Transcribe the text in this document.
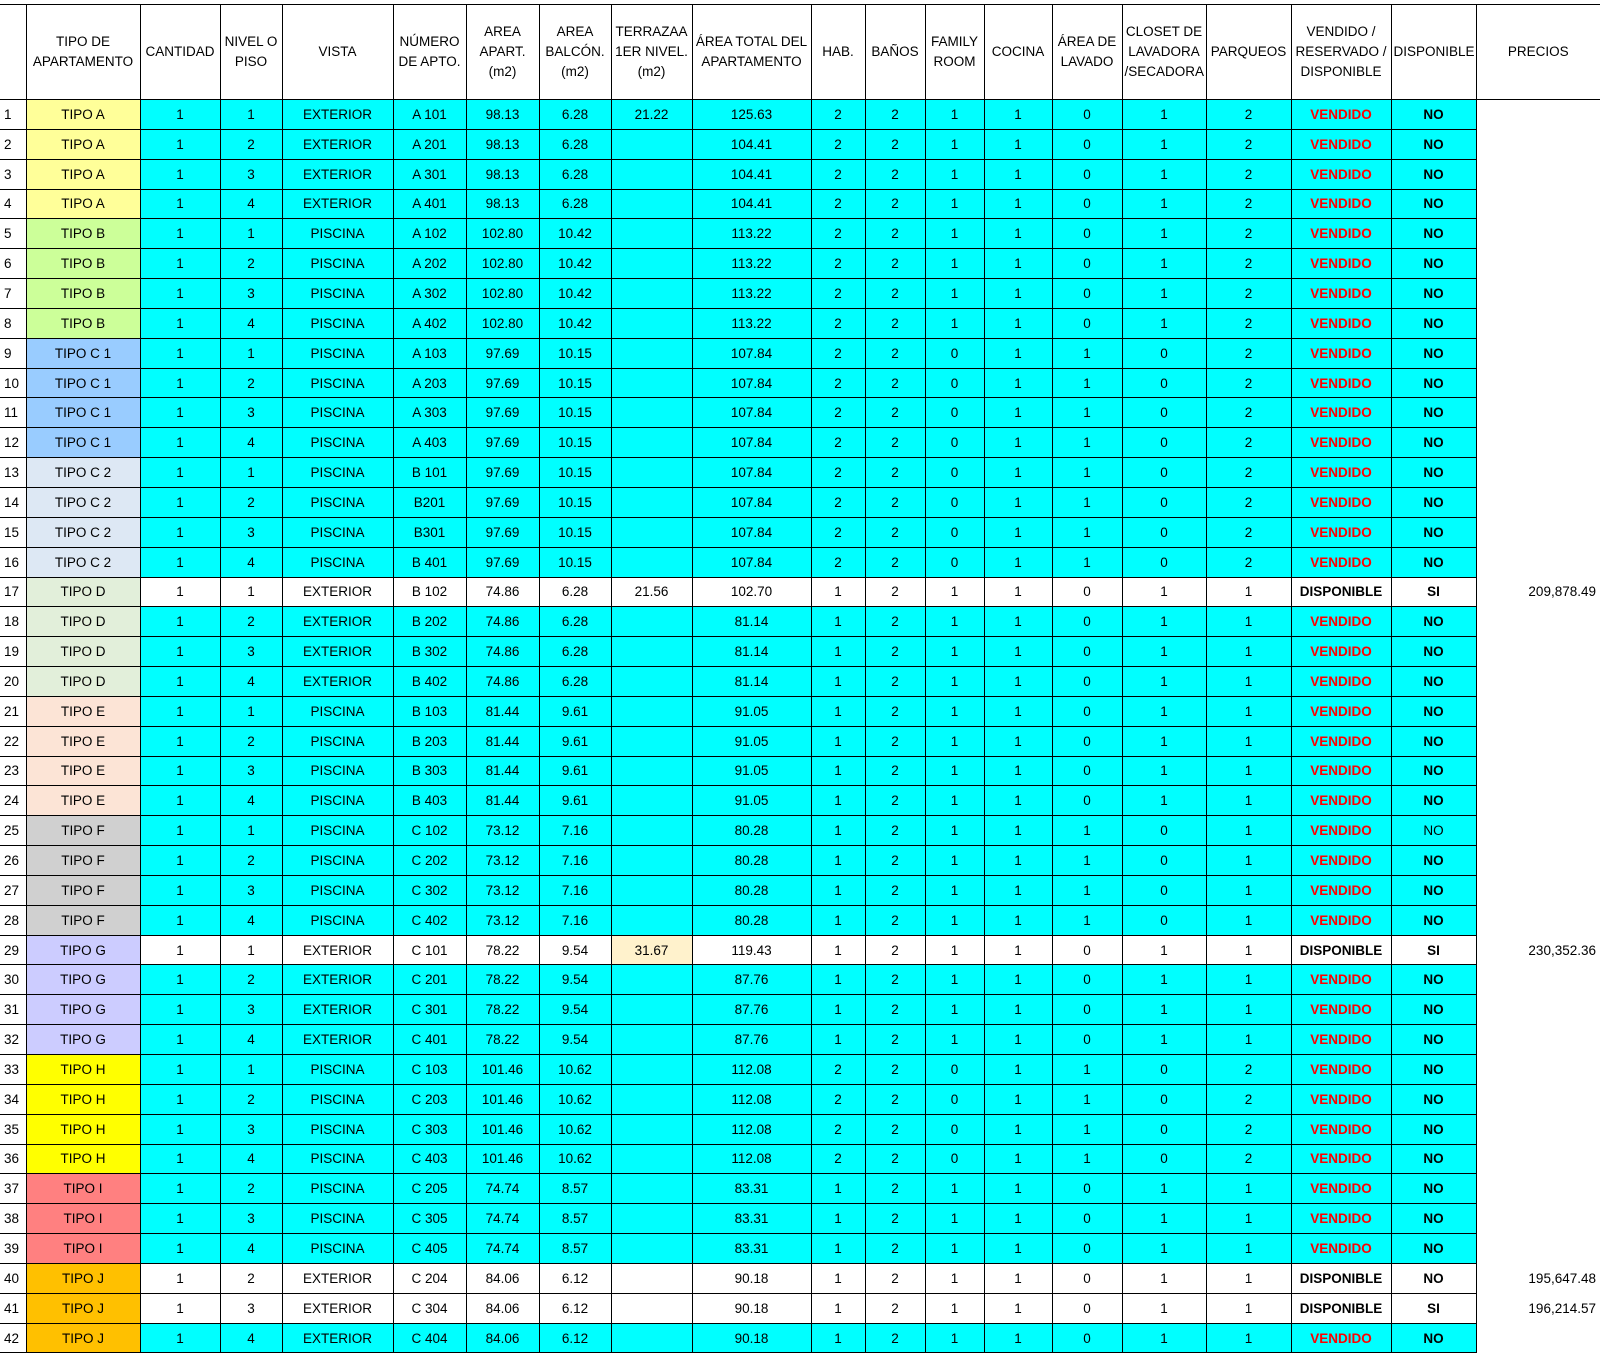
	TIPO DE APARTAMENTO	CANTIDAD	NIVEL O PISO	VISTA	NÚMERO DE APTO.	AREA APART. (m2)	AREA BALCÓN. (m2)	TERRAZAA 1ER NIVEL. (m2)	ÁREA TOTAL DEL APARTAMENTO	HAB.	BAÑOS	FAMILY ROOM	COCINA	ÁREA DE LAVADO	CLOSET DE LAVADORA /SECADORA	PARQUEOS	VENDIDO / RESERVADO / DISPONIBLE	DISPONIBLE	PRECIOS
1	TIPO A	1	1	EXTERIOR	A 101	98.13	6.28	21.22	125.63	2	2	1	1	0	1	2	VENDIDO	NO	
2	TIPO A	1	2	EXTERIOR	A 201	98.13	6.28		104.41	2	2	1	1	0	1	2	VENDIDO	NO	
3	TIPO A	1	3	EXTERIOR	A 301	98.13	6.28		104.41	2	2	1	1	0	1	2	VENDIDO	NO	
4	TIPO A	1	4	EXTERIOR	A 401	98.13	6.28		104.41	2	2	1	1	0	1	2	VENDIDO	NO	
5	TIPO B	1	1	PISCINA	A 102	102.80	10.42		113.22	2	2	1	1	0	1	2	VENDIDO	NO	
6	TIPO B	1	2	PISCINA	A 202	102.80	10.42		113.22	2	2	1	1	0	1	2	VENDIDO	NO	
7	TIPO B	1	3	PISCINA	A 302	102.80	10.42		113.22	2	2	1	1	0	1	2	VENDIDO	NO	
8	TIPO B	1	4	PISCINA	A 402	102.80	10.42		113.22	2	2	1	1	0	1	2	VENDIDO	NO	
9	TIPO C 1	1	1	PISCINA	A 103	97.69	10.15		107.84	2	2	0	1	1	0	2	VENDIDO	NO	
10	TIPO C 1	1	2	PISCINA	A 203	97.69	10.15		107.84	2	2	0	1	1	0	2	VENDIDO	NO	
11	TIPO C 1	1	3	PISCINA	A 303	97.69	10.15		107.84	2	2	0	1	1	0	2	VENDIDO	NO	
12	TIPO C 1	1	4	PISCINA	A 403	97.69	10.15		107.84	2	2	0	1	1	0	2	VENDIDO	NO	
13	TIPO C 2	1	1	PISCINA	B 101	97.69	10.15		107.84	2	2	0	1	1	0	2	VENDIDO	NO	
14	TIPO C 2	1	2	PISCINA	B201	97.69	10.15		107.84	2	2	0	1	1	0	2	VENDIDO	NO	
15	TIPO C 2	1	3	PISCINA	B301	97.69	10.15		107.84	2	2	0	1	1	0	2	VENDIDO	NO	
16	TIPO C 2	1	4	PISCINA	B 401	97.69	10.15		107.84	2	2	0	1	1	0	2	VENDIDO	NO	
17	TIPO D	1	1	EXTERIOR	B 102	74.86	6.28	21.56	102.70	1	2	1	1	0	1	1	DISPONIBLE	SI	209,878.49
18	TIPO D	1	2	EXTERIOR	B 202	74.86	6.28		81.14	1	2	1	1	0	1	1	VENDIDO	NO	
19	TIPO D	1	3	EXTERIOR	B 302	74.86	6.28		81.14	1	2	1	1	0	1	1	VENDIDO	NO	
20	TIPO D	1	4	EXTERIOR	B 402	74.86	6.28		81.14	1	2	1	1	0	1	1	VENDIDO	NO	
21	TIPO E	1	1	PISCINA	B 103	81.44	9.61		91.05	1	2	1	1	0	1	1	VENDIDO	NO	
22	TIPO E	1	2	PISCINA	B 203	81.44	9.61		91.05	1	2	1	1	0	1	1	VENDIDO	NO	
23	TIPO E	1	3	PISCINA	B 303	81.44	9.61		91.05	1	2	1	1	0	1	1	VENDIDO	NO	
24	TIPO E	1	4	PISCINA	B 403	81.44	9.61		91.05	1	2	1	1	0	1	1	VENDIDO	NO	
25	TIPO F	1	1	PISCINA	C 102	73.12	7.16		80.28	1	2	1	1	1	0	1	VENDIDO	NO	
26	TIPO F	1	2	PISCINA	C 202	73.12	7.16		80.28	1	2	1	1	1	0	1	VENDIDO	NO	
27	TIPO F	1	3	PISCINA	C 302	73.12	7.16		80.28	1	2	1	1	1	0	1	VENDIDO	NO	
28	TIPO F	1	4	PISCINA	C 402	73.12	7.16		80.28	1	2	1	1	1	0	1	VENDIDO	NO	
29	TIPO G	1	1	EXTERIOR	C 101	78.22	9.54	31.67	119.43	1	2	1	1	0	1	1	DISPONIBLE	SI	230,352.36
30	TIPO G	1	2	EXTERIOR	C 201	78.22	9.54		87.76	1	2	1	1	0	1	1	VENDIDO	NO	
31	TIPO G	1	3	EXTERIOR	C 301	78.22	9.54		87.76	1	2	1	1	0	1	1	VENDIDO	NO	
32	TIPO G	1	4	EXTERIOR	C 401	78.22	9.54		87.76	1	2	1	1	0	1	1	VENDIDO	NO	
33	TIPO H	1	1	PISCINA	C 103	101.46	10.62		112.08	2	2	0	1	1	0	2	VENDIDO	NO	
34	TIPO H	1	2	PISCINA	C 203	101.46	10.62		112.08	2	2	0	1	1	0	2	VENDIDO	NO	
35	TIPO H	1	3	PISCINA	C 303	101.46	10.62		112.08	2	2	0	1	1	0	2	VENDIDO	NO	
36	TIPO H	1	4	PISCINA	C 403	101.46	10.62		112.08	2	2	0	1	1	0	2	VENDIDO	NO	
37	TIPO I	1	2	PISCINA	C 205	74.74	8.57		83.31	1	2	1	1	0	1	1	VENDIDO	NO	
38	TIPO I	1	3	PISCINA	C 305	74.74	8.57		83.31	1	2	1	1	0	1	1	VENDIDO	NO	
39	TIPO I	1	4	PISCINA	C 405	74.74	8.57		83.31	1	2	1	1	0	1	1	VENDIDO	NO	
40	TIPO J	1	2	EXTERIOR	C 204	84.06	6.12		90.18	1	2	1	1	0	1	1	DISPONIBLE	NO	195,647.48
41	TIPO J	1	3	EXTERIOR	C 304	84.06	6.12		90.18	1	2	1	1	0	1	1	DISPONIBLE	SI	196,214.57
42	TIPO J	1	4	EXTERIOR	C 404	84.06	6.12		90.18	1	2	1	1	0	1	1	VENDIDO	NO	
